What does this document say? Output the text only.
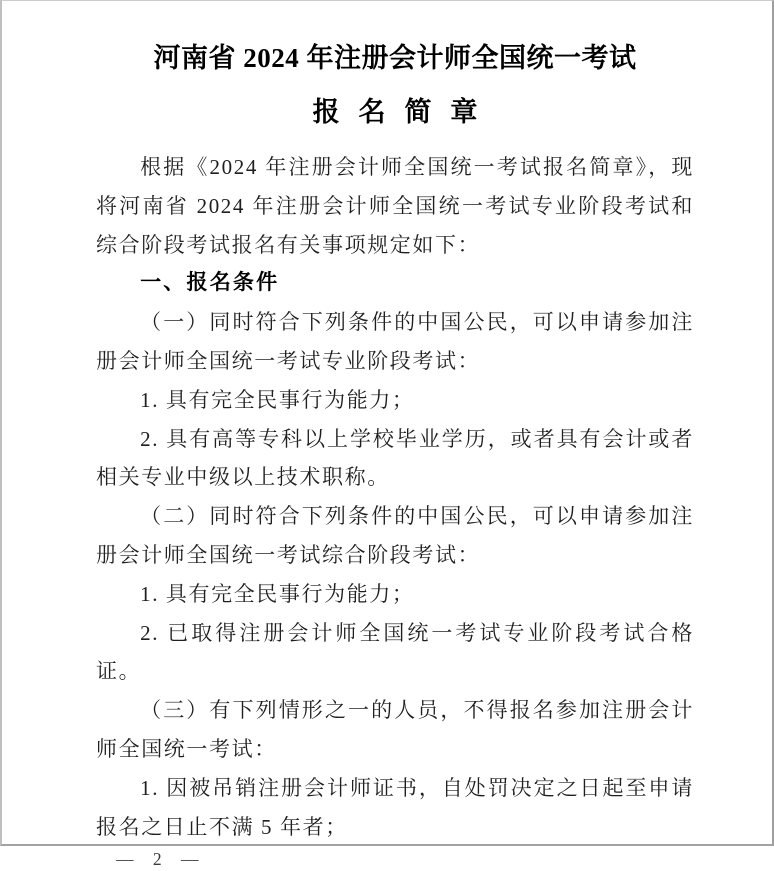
河南省 2024 年注册会计师全国统一考试
报名简章
根据《2024 年注册会计师全国统一考试报名简章》，现将河南省 2024 年注册会计师全国统一考试专业阶段考试和综合阶段考试报名有关事项规定如下：
一、报名条件
（一）同时符合下列条件的中国公民，可以申请参加注册会计师全国统一考试专业阶段考试：
1. 具有完全民事行为能力；
2. 具有高等专科以上学校毕业学历，或者具有会计或者相关专业中级以上技术职称。
（二）同时符合下列条件的中国公民，可以申请参加注册会计师全国统一考试综合阶段考试：
1. 具有完全民事行为能力；
2. 已取得注册会计师全国统一考试专业阶段考试合格证。
（三）有下列情形之一的人员，不得报名参加注册会计师全国统一考试：
1. 因被吊销注册会计师证书，自处罚决定之日起至申请报名之日止不满 5 年者；
— 2 —
